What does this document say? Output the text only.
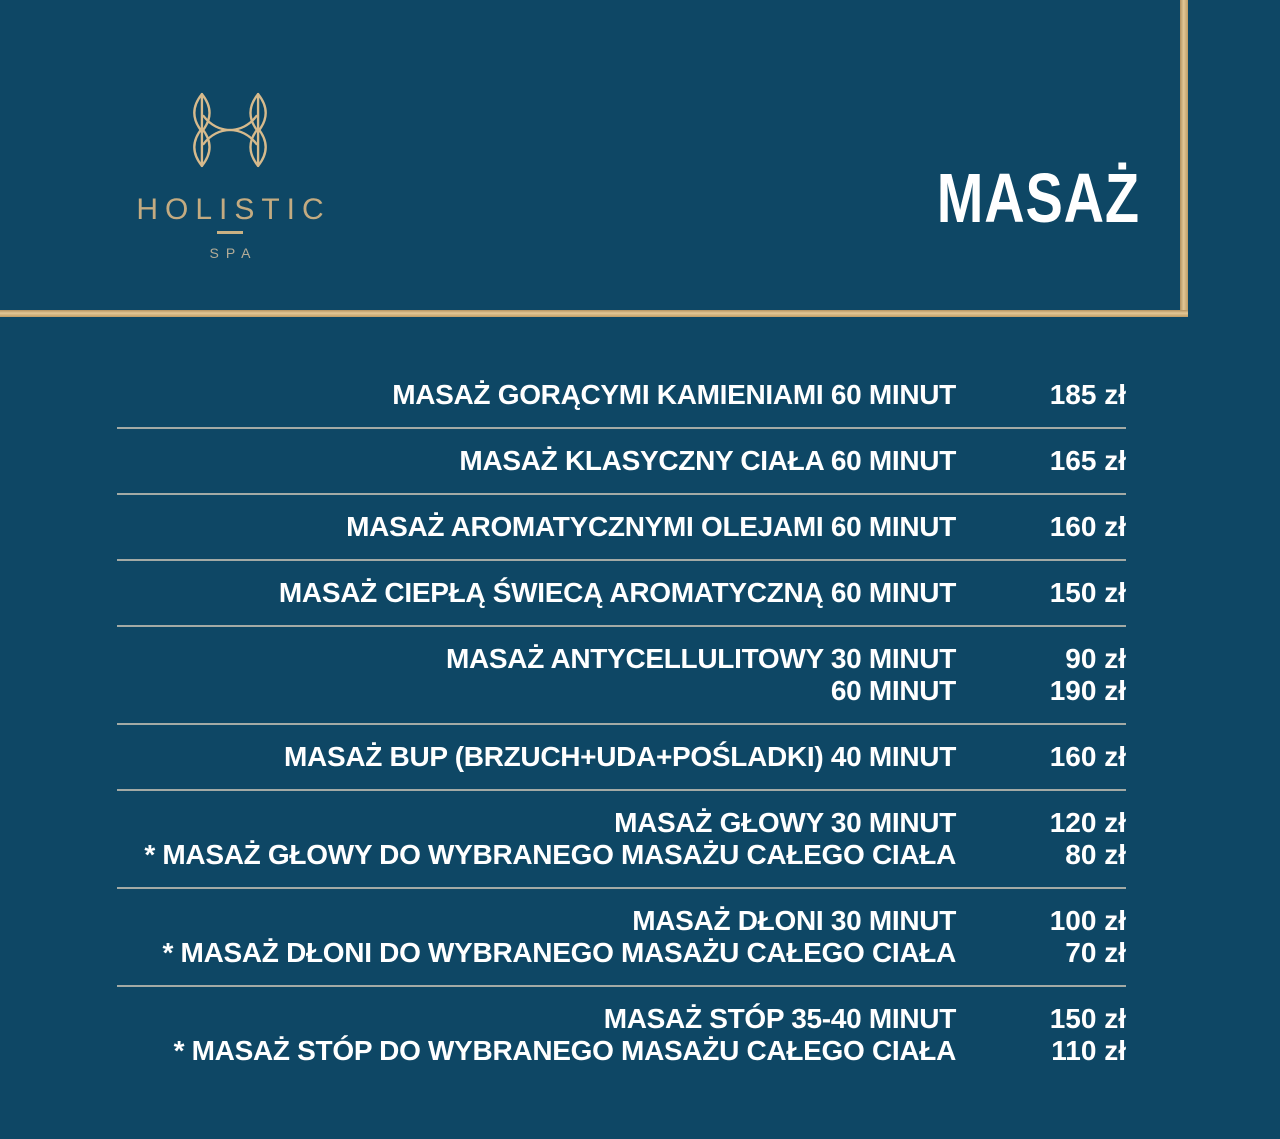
HOLISTIC
SPA
MASAŻ
MASAŻ GORĄCYMI KAMIENIAMI 60 MINUT	185 zł
MASAŻ KLASYCZNY CIAŁA 60 MINUT	165 zł
MASAŻ AROMATYCZNYMI OLEJAMI 60 MINUT	160 zł
MASAŻ CIEPŁĄ ŚWIECĄ AROMATYCZNĄ 60 MINUT	150 zł
MASAŻ ANTYCELLULITOWY 30 MINUT	90 zł
60 MINUT	190 zł
MASAŻ BUP (BRZUCH+UDA+POŚLADKI) 40 MINUT	160 zł
MASAŻ GŁOWY 30 MINUT	120 zł
* MASAŻ GŁOWY DO WYBRANEGO MASAŻU CAŁEGO CIAŁA	80 zł
MASAŻ DŁONI 30 MINUT	100 zł
* MASAŻ DŁONI DO WYBRANEGO MASAŻU CAŁEGO CIAŁA	70 zł
MASAŻ STÓP 35-40 MINUT	150 zł
* MASAŻ STÓP DO WYBRANEGO MASAŻU CAŁEGO CIAŁA	110 zł
